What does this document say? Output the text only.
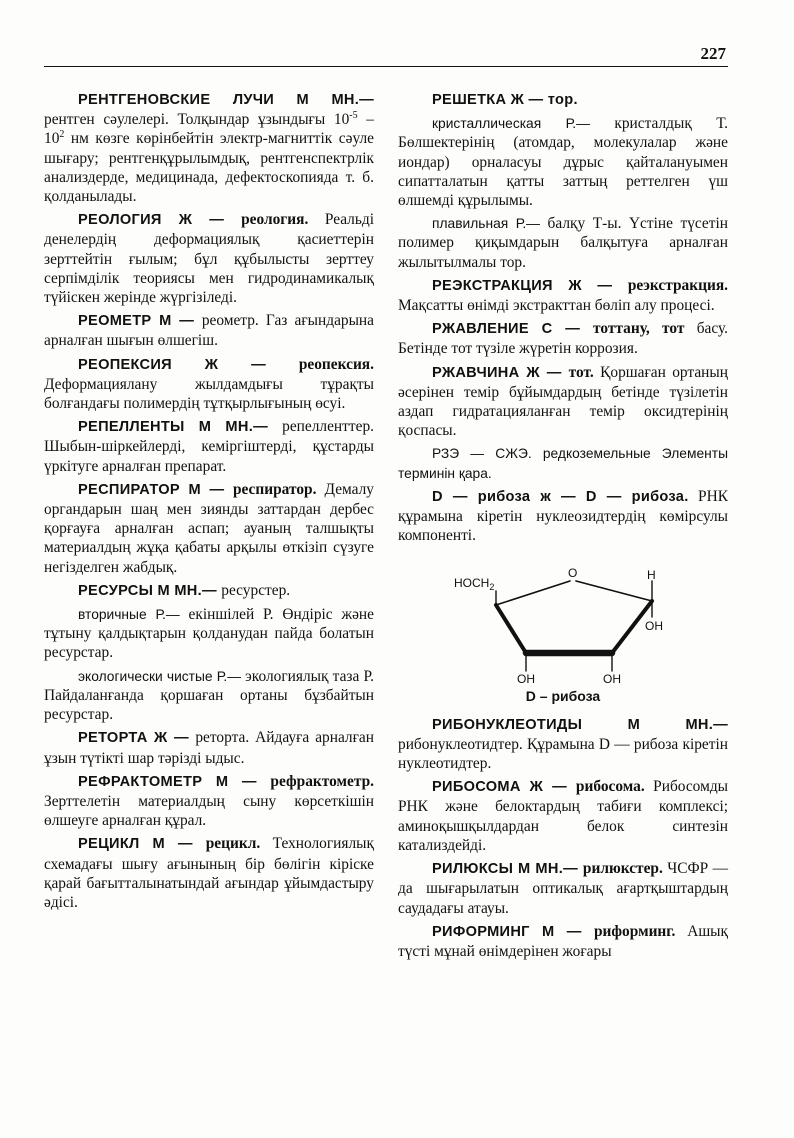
227

РЕНТГЕНОВСКИЕ ЛУЧИ М МН.— рентген сәулелері. Толқындар ұзындығы $10^{-5} - 10^2$ нм көзге көрінбейтін электр-магниттік сәуле шығару; рентгенқұрылымдық, рентгенспектрлік анализдерде, медицинада, дефектоскопияда т. б. қолданылады.

РЕОЛОГИЯ Ж — реология. Реальді денелердің деформациялық қасиеттерін зерттейтін ғылым; бұл құбылысты зерттеу серпімділік теориясы мен гидродинамикалық түйіскен жерінде жүргізіледі.

РЕОМЕТР М — реометр. Газ ағындарына арналған шығын өлшегіш.

РЕОПЕКСИЯ Ж — реопексия. Деформациялану жылдамдығы тұрақты болғандағы полимердің тұтқырлығының өсуі.

РЕПЕЛЛЕНТЫ М МН.— репелленттер. Шыбын-шіркейлерді, кеміргіштерді, құстарды үркітуге арналған препарат.

РЕСПИРАТОР М — респиратор. Демалу органдарын шаң мен зиянды заттардан дербес қорғауға арналған аспап; ауаның талшықты материалдың жұқа қабаты арқылы өткізіп сүзуге негізделген жабдық.

РЕСУРСЫ М МН.— ресурстер.

вторичные Р.— екіншілей Р. Өндіріс және тұтыну қалдықтарын қолданудан пайда болатын ресурстар.

экологически чистые Р.— экологиялық таза Р. Пайдаланғанда қоршаған ортаны бұзбайтын ресурстар.

РЕТОРТА Ж — реторта. Айдауға арналған ұзын түтікті шар тәрізді ыдыс.

РЕФРАКТОМЕТР М — рефрактометр. Зерттелетін материалдың сыну көрсеткішін өлшеуге арналған құрал.

РЕЦИКЛ М — рецикл. Технологиялық схемадағы шығу ағынының бір бөлігін кіріске қарай бағытталынатындай ағындар ұйымдастыру әдісі.

РЕШЕТКА Ж — тор.

кристаллическая Р.— кристалдық Т. Бөлшектерінің (атомдар, молекулалар және иондар) орналасуы дұрыс қайталануымен сипатталатын қатты заттың реттелген үш өлшемді құрылымы.

плавильная Р.— балқу Т-ы. Үстіне түсетін полимер қиқымдарын балқытуға арналған жылытылмалы тор.

РЕЭКСТРАКЦИЯ Ж — реэкстракция. Мақсатты өнімді экстракттан бөліп алу процесі.

РЖАВЛЕНИЕ С — тоттану, тот басу. Бетінде тот түзіле жүретін коррозия.

РЖАВЧИНА Ж — тот. Қоршаған ортаның әсерінен темір бұйымдардың бетінде түзілетін аздап гидратацияланған темір оксидтерінің қоспасы.

РЗЭ — СЖЭ. редкоземельные Элементы терминін қара.

D — рибоза ж — D — рибоза. РНК құрамына кіретін нуклеозидтердің көмірсулы компоненті.

O
$HOCH_2$
H
OH
OH	OH

D – рибоза

РИБОНУКЛЕОТИДЫ М МН.— рибонуклеотидтер. Құрамына D — рибоза кіретін нуклеотидтер.

РИБОСОМА Ж — рибосома. Рибосомды РНК және белоктардың табиғи комплексі; аминоқышқылдардан белок синтезін катализдейді.

РИЛЮКСЫ М МН.— рилюкстер. ЧСФР — да шығарылатын оптикалық ағартқыштардың саудадағы атауы.

РИФОРМИНГ М — риформинг. Ашық түсті мұнай өнімдерінен жоғары
